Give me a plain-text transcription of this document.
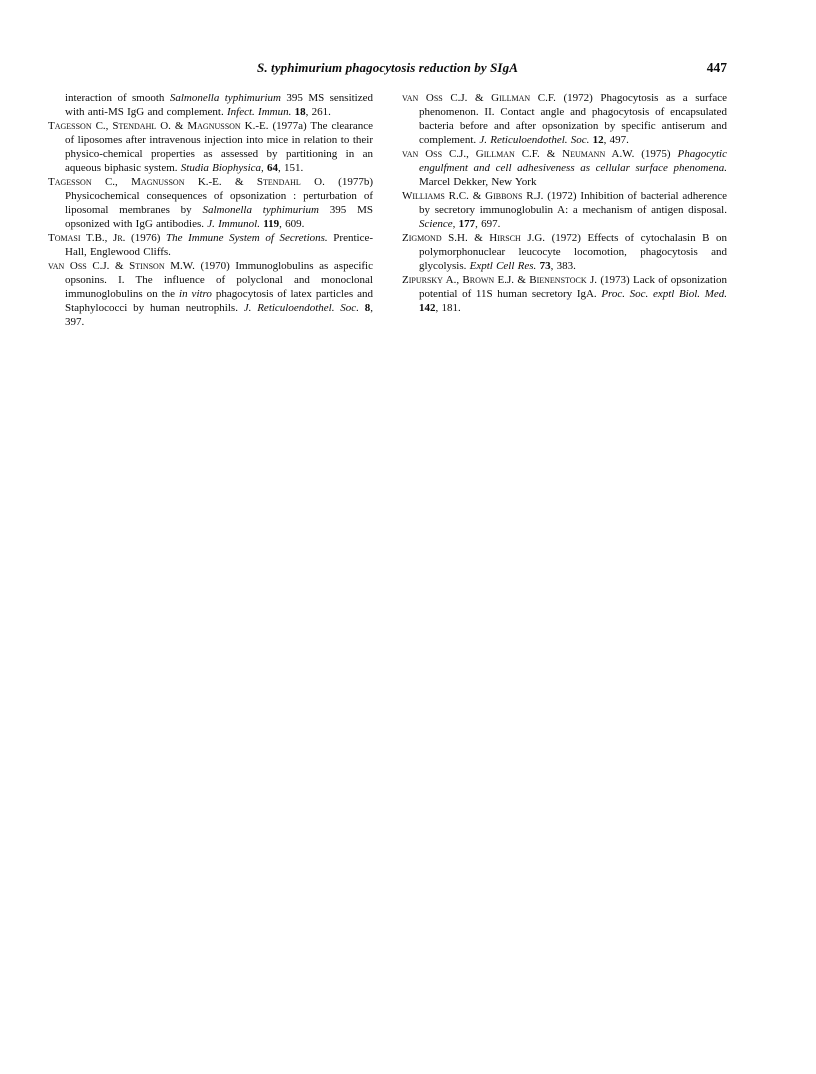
S. typhimurium phagocytosis reduction by SIgA	447

interaction of smooth Salmonella typhimurium 395 MS sensitized with anti-MS IgG and complement. Infect. Immun. 18, 261.

Tagesson C., Stendahl O. & Magnusson K.-E. (1977a) The clearance of liposomes after intravenous injection into mice in relation to their physico-chemical properties as assessed by partitioning in an aqueous biphasic system. Studia Biophysica, 64, 151.

Tagesson C., Magnusson K.-E. & Stendahl O. (1977b) Physicochemical consequences of opsonization : perturbation of liposomal membranes by Salmonella typhimurium 395 MS opsonized with IgG antibodies. J. Immunol. 119, 609.

Tomasi T.B., Jr. (1976) The Immune System of Secretions. Prentice-Hall, Englewood Cliffs.

van Oss C.J. & Stinson M.W. (1970) Immunoglobulins as aspecific opsonins. I. The influence of polyclonal and monoclonal immunoglobulins on the in vitro phagocytosis of latex particles and Staphylococci by human neutrophils. J. Reticuloendothel. Soc. 8, 397.

van Oss C.J. & Gillman C.F. (1972) Phagocytosis as a surface phenomenon. II. Contact angle and phagocytosis of encapsulated bacteria before and after opsonization by specific antiserum and complement. J. Reticuloendothel. Soc. 12, 497.

van Oss C.J., Gillman C.F. & Neumann A.W. (1975) Phagocytic engulfment and cell adhesiveness as cellular surface phenomena. Marcel Dekker, New York

Williams R.C. & Gibbons R.J. (1972) Inhibition of bacterial adherence by secretory immunoglobulin A: a mechanism of antigen disposal. Science, 177, 697.

Zigmond S.H. & Hirsch J.G. (1972) Effects of cytochalasin B on polymorphonuclear leucocyte locomotion, phagocytosis and glycolysis. Exptl Cell Res. 73, 383.

Zipursky A., Brown E.J. & Bienenstock J. (1973) Lack of opsonization potential of 11S human secretory IgA. Proc. Soc. exptl Biol. Med. 142, 181.
